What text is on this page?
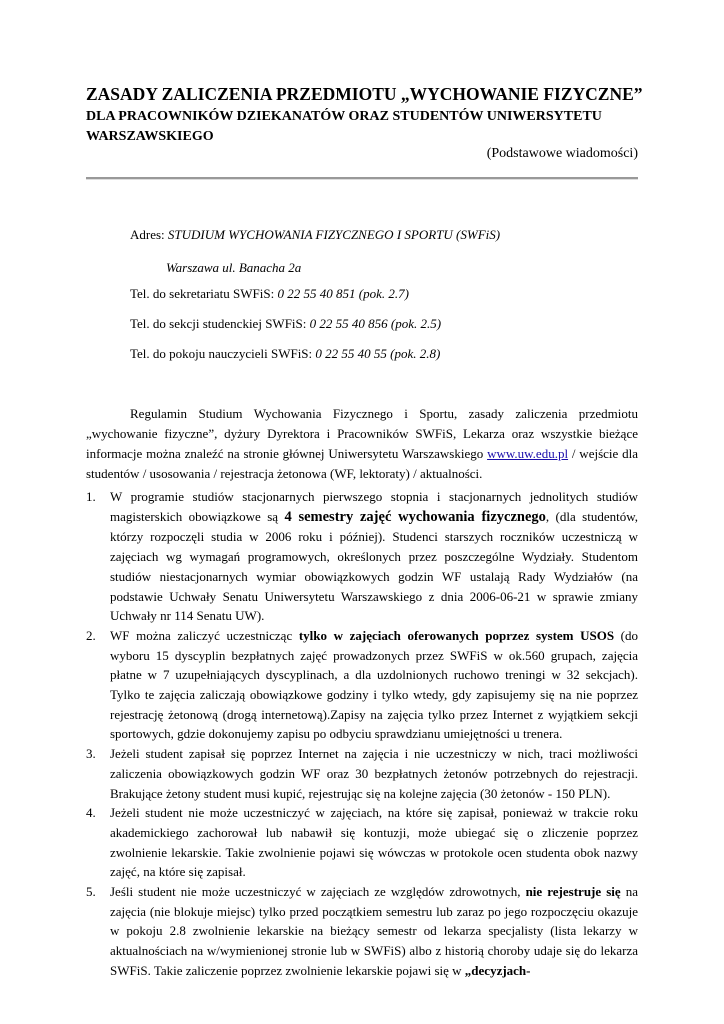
ZASADY ZALICZENIA PRZEDMIOTU „WYCHOWANIE FIZYCZNE”
DLA PRACOWNIKÓW DZIEKANATÓW ORAZ STUDENTÓW UNIWERSYTETU WARSZAWSKIEGO
(Podstawowe wiadomości)
Adres: STUDIUM WYCHOWANIA FIZYCZNEGO I SPORTU (SWFiS)
Warszawa ul. Banacha 2a
Tel. do sekretariatu SWFiS: 0 22 55 40 851 (pok. 2.7)
Tel. do sekcji studenckiej SWFiS: 0 22 55 40 856 (pok. 2.5)
Tel. do pokoju nauczycieli SWFiS: 0 22 55 40 55 (pok. 2.8)
Regulamin Studium Wychowania Fizycznego i Sportu, zasady zaliczenia przedmiotu „wychowanie fizyczne”, dyżury Dyrektora i Pracowników SWFiS, Lekarza oraz wszystkie bieżące informacje można znaleźć na stronie głównej Uniwersytetu Warszawskiego www.uw.edu.pl / wejście dla studentów / usosowania / rejestracja żetonowa (WF, lektoraty) / aktualności.
1. W programie studiów stacjonarnych pierwszego stopnia i stacjonarnych jednolitych studiów magisterskich obowiązkowe są 4 semestry zajęć wychowania fizycznego, (dla studentów, którzy rozpoczęli studia w 2006 roku i później). Studenci starszych roczników uczestniczą w zajęciach wg wymagań programowych, określonych przez poszczególne Wydziały. Studentom studiów niestacjonarnych wymiar obowiązkowych godzin WF ustalają Rady Wydziałów (na podstawie Uchwały Senatu Uniwersytetu Warszawskiego z dnia 2006-06-21 w sprawie zmiany Uchwały nr 114 Senatu UW).
2. WF można zaliczyć uczestnicząc tylko w zajęciach oferowanych poprzez system USOS (do wyboru 15 dyscyplin bezpłatnych zajęć prowadzonych przez SWFiS w ok.560 grupach, zajęcia płatne w 7 uzupełniających dyscyplinach, a dla uzdolnionych ruchowo treningi w 32 sekcjach). Tylko te zajęcia zaliczają obowiązkowe godziny i tylko wtedy, gdy zapisujemy się na nie poprzez rejestrację żetonową (drogą internetową).Zapisy na zajęcia tylko przez Internet z wyjątkiem sekcji sportowych, gdzie dokonujemy zapisu po odbyciu sprawdzianu umiejętności u trenera.
3. Jeżeli student zapisał się poprzez Internet na zajęcia i nie uczestniczy w nich, traci możliwości zaliczenia obowiązkowych godzin WF oraz 30 bezpłatnych żetonów potrzebnych do rejestracji. Brakujące żetony student musi kupić, rejestrując się na kolejne zajęcia (30 żetonów - 150 PLN).
4. Jeżeli student nie może uczestniczyć w zajęciach, na które się zapisał, ponieważ w trakcie roku akademickiego zachorował lub nabawił się kontuzji, może ubiegać się o zliczenie poprzez zwolnienie lekarskie. Takie zwolnienie pojawi się wówczas w protokole ocen studenta obok nazwy zajęć, na które się zapisał.
5. Jeśli student nie może uczestniczyć w zajęciach ze względów zdrowotnych, nie rejestruje się na zajęcia (nie blokuje miejsc) tylko przed początkiem semestru lub zaraz po jego rozpoczęciu okazuje w pokoju 2.8 zwolnienie lekarskie na bieżący semestr od lekarza specjalisty (lista lekarzy w aktualnościach na w/wymienionej stronie lub w SWFiS) albo z historią choroby udaje się do lekarza SWFiS. Takie zaliczenie poprzez zwolnienie lekarskie pojawi się w „decyzjach-
